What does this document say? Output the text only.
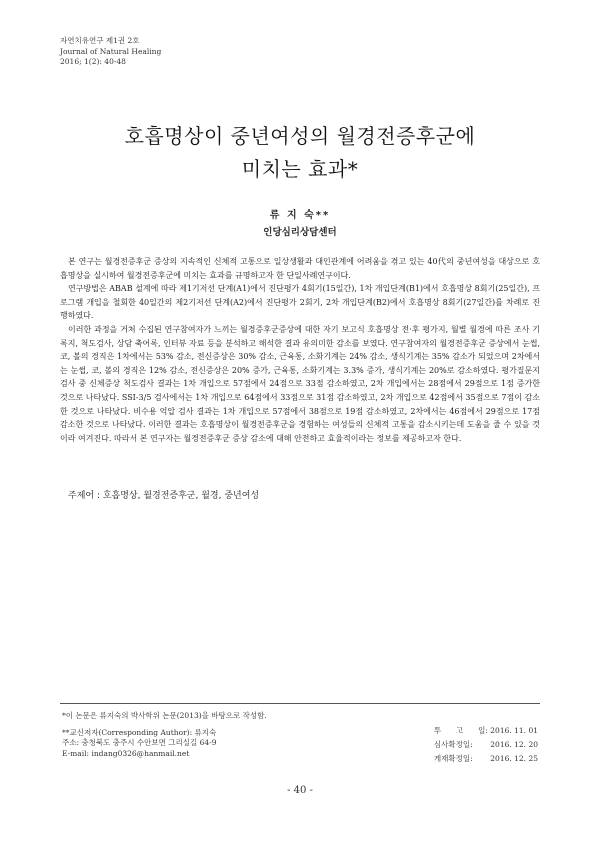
자연치유연구 제1권 2호
Journal of Natural Healing
2016; 1(2): 40-48
호흡명상이 중년여성의 월경전증후군에
미치는 효과*
류 지 숙**
인당심리상담센터

본 연구는 월경전증후군 증상의 지속적인 신체적 고통으로 일상생활과 대인관계에 어려움을 겪고 있는 40代의 중년여성을 대상으로 호흡명상을 실시하여 월경전증후군에 미치는 효과를 규명하고자 한 단일사례연구이다.

연구방법은 ABAB 설계에 따라 제1기저선 단계(A1)에서 진단평가 4회기(15일간), 1차 개입단계(B1)에서 호흡명상 8회기(25일간), 프로그램 개입을 철회한 40일간의 제2기저선 단계(A2)에서 진단평가 2회기, 2차 개입단계(B2)에서 호흡명상 8회기(27일간)를 차례로 진행하였다.

이러한 과정을 거쳐 수집된 연구참여자가 느끼는 월경증후군증상에 대한 자기 보고식 호흡명상 전·후 평가지, 월별 월경에 따른 조사 기록지, 척도검사, 상담 축어록, 인터뷰 자료 등을 분석하고 해석한 결과 유의미한 감소를 보였다. 연구참여자의 월경전증후군 증상에서 눈썹, 코, 볼의 경직은 1차에서는 53% 감소, 전신증상은 30% 감소, 근육통, 소화기계는 24% 감소, 생식기계는 35% 감소가 되었으며 2차에서는 눈썹, 코, 볼의 경직은 12% 감소, 전신증상은 20% 증가, 근육통, 소화기계는 3.3% 증가, 생식기계는 20%로 감소하였다. 평가질문지 검사 중 신체증상 척도검사 결과는 1차 개입으로 57점에서 24점으로 33점 감소하였고, 2차 개입에서는 28점에서 29점으로 1점 증가한 것으로 나타났다. SSI-3/5 검사에서는 1차 개입으로 64점에서 33점으로 31점 감소하였고, 2차 개입으로 42점에서 35점으로 7점이 감소한 것으로 나타났다. 비수용 억압 검사 결과는 1차 개입으로 57점에서 38점으로 19점 감소하였고, 2차에서는 46점에서 29점으로 17점 감소한 것으로 나타났다. 이러한 결과는 호흡명상이 월경전증후군을 경험하는 여성들의 신체적 고통을 감소시키는데 도움을 줄 수 있을 것이라 여겨진다. 따라서 본 연구자는 월경전증후군 증상 감소에 대해 안전하고 효율적이라는 정보를 제공하고자 한다.

주제어 : 호흡명상, 월경전증후군, 월경, 중년여성
*이 논문은 류지숙의 박사학위 논문(2013)을 바탕으로 작성함.
**교신저자(Corresponding Author): 류지숙
주소: 충청북도 충주시 수안보면 그리실길 64-9
E-mail: indang0326@hanmail.net
투 고 일: 2016. 11. 01
심사확정일: 2016. 12. 20
게재확정일: 2016. 12. 25
- 40 -
